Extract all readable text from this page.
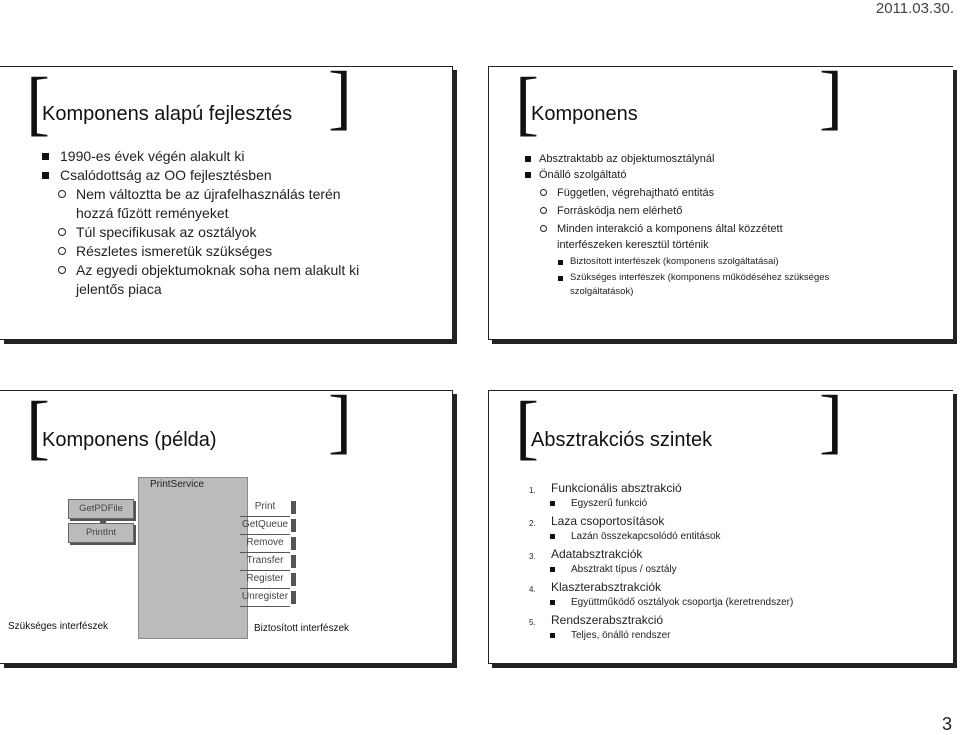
2011.03.30.
[	]
Komponens alapú fejlesztés
1990-es évek végén alakult ki
Csalódottság az OO fejlesztésben
Nem változtta be az újrafelhasználás terén hozzá fűzött reményeket
Túl specifikusak az osztályok
Részletes ismeretük szükséges
Az egyedi objektumoknak soha nem alakult ki jelentős piaca
[	]
Komponens
Absztraktabb az objektumosztálynál
Önálló szolgáltató
Független, végrehajtható entitás
Forráskódja nem elérhető
Minden interakció a komponens által közzétett interfészeken keresztül történik
Biztosított interfészek (komponens szolgáltatásai)
Szükséges interfészek (komponens működéséhez szükséges szolgáltatások)
[	]
Komponens (példa)
PrintService
GetPDFile
PrintInt
Print
GetQueue
Remove
Transfer
Register
Unregister
Szükséges interfészek	Biztosított interfészek
[	]
Absztrakciós szintek
1. Funkcionális absztrakció
Egyszerű funkció
2. Laza csoportosítások
Lazán összekapcsolódó entitások
3. Adatabsztrakciók
Absztrakt típus / osztály
4. Klaszterabsztrakciók
Együttműködő osztályok csoportja (keretrendszer)
5. Rendszerabsztrakció
Teljes, önálló rendszer
3
